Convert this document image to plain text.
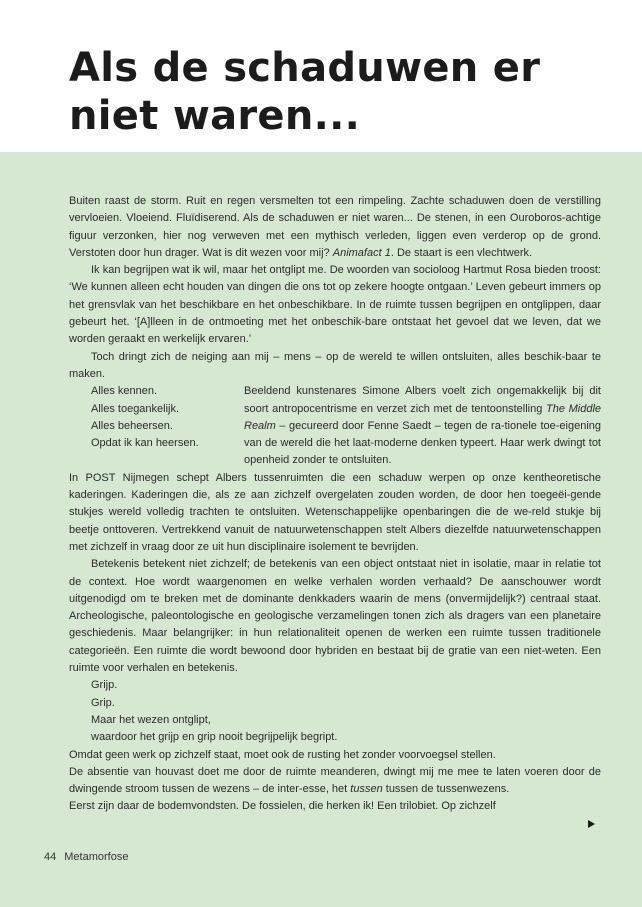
Als de schaduwen er
niet waren...

Buiten raast de storm. Ruit en regen versmelten tot een rimpeling. Zachte schaduwen doen de verstilling vervloeien. Vloeiend. Fluïdiserend. Als de schaduwen er niet waren... De stenen, in een Ouroboros-achtige figuur verzonken, hier nog verweven met een mythisch verleden, liggen even verderop op de grond. Verstoten door hun drager. Wat is dit wezen voor mij? Animafact 1. De staart is een vlechtwerk.

Ik kan begrijpen wat ik wil, maar het ontglipt me. De woorden van socioloog Hartmut Rosa bieden troost: ‘We kunnen alleen echt houden van dingen die ons tot op zekere hoogte ontgaan.’ Leven gebeurt immers op het grensvlak van het beschikbare en het onbeschikbare. In de ruimte tussen begrijpen en ontglippen, daar gebeurt het. ‘[A]lleen in de ontmoeting met het onbeschik-bare ontstaat het gevoel dat we leven, dat we worden geraakt en werkelijk ervaren.’

Toch dringt zich de neiging aan mij – mens – op de wereld te willen ontsluiten, alles beschik-baar te maken.

Alles kennen.
Alles toegankelijk.
Alles beheersen.
Opdat ik kan heersen.

Beeldend kunstenares Simone Albers voelt zich ongemakkelijk bij dit soort antropocentrisme en verzet zich met de tentoonstelling The Middle Realm – gecureerd door Fenne Saedt – tegen de ra-tionele toe-eigening van de wereld die het laat-moderne denken typeert. Haar werk dwingt tot openheid zonder te ontsluiten.

In POST Nijmegen schept Albers tussenruimten die een schaduw werpen op onze kentheoretische kaderingen. Kaderingen die, als ze aan zichzelf overgelaten zouden worden, de door hen toegeëi-gende stukjes wereld volledig trachten te ontsluiten. Wetenschappelijke openbaringen die de we-reld stukje bij beetje onttoveren. Vertrekkend vanuit de natuurwetenschappen stelt Albers diezelfde natuurwetenschappen met zichzelf in vraag door ze uit hun disciplinaire isolement te bevrijden.

Betekenis betekent niet zichzelf; de betekenis van een object ontstaat niet in isolatie, maar in relatie tot de context. Hoe wordt waargenomen en welke verhalen worden verhaald? De aanschouwer wordt uitgenodigd om te breken met de dominante denkkaders waarin de mens (onvermijdelijk?) centraal staat. Archeologische, paleontologische en geologische verzamelingen tonen zich als dragers van een planetaire geschiedenis. Maar belangrijker: in hun relationaliteit openen de werken een ruimte tussen traditionele categorieën. Een ruimte die wordt bewoond door hybriden en bestaat bij de gratie van een niet-weten. Een ruimte voor verhalen en betekenis.

Grijp.

Grip.

Maar het wezen ontglipt,

waardoor het grijp en grip nooit begrijpelijk begript.

Omdat geen werk op zichzelf staat, moet ook de rusting het zonder voorvoegsel stellen.

De absentie van houvast doet me door de ruimte meanderen, dwingt mij me mee te laten voeren door de dwingende stroom tussen de wezens – de inter-esse, het tussen tussen de tussenwezens.

Eerst zijn daar de bodemvondsten. De fossielen, die herken ik! Een trilobiet. Op zichzelf

44 Metamorfose
